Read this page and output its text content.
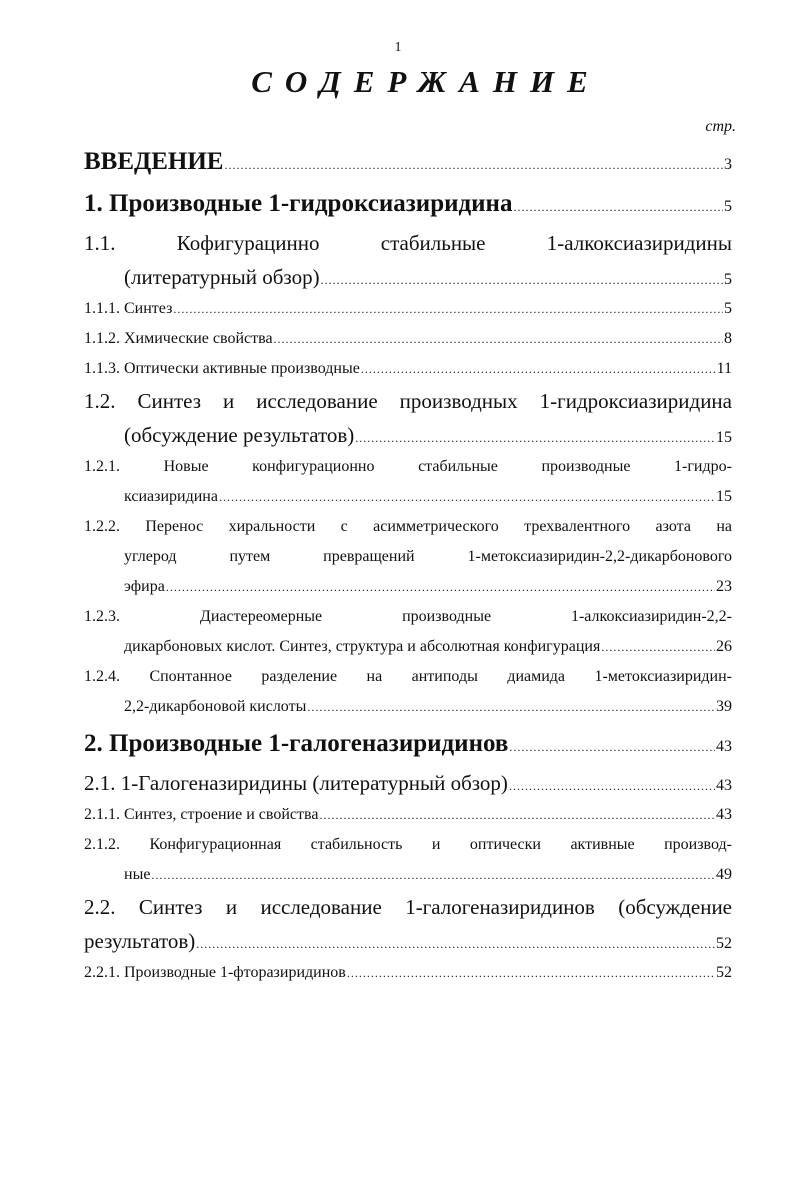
1
СОДЕРЖАНИЕ
стр.
ВВЕДЕНИЕ .....	3
1. Производные 1-гидроксиазиридина .....	5
1.1.	Кофигурацинно	стабильные	1-алкоксиазиридины
(литературный обзор) .....	5
1.1.1. Синтез .....	5
1.1.2. Химические свойства .....	8
1.1.3. Оптически активные производные .....	11
1.2. Синтез и исследование производных 1-гидроксиазиридина
(обсуждение результатов) .....	15
1.2.1.	Новые	конфигурационно	стабильные	производные	1-гидро-
ксиазиридина .....	15
1.2.2. Перенос хиральности с асимметрического трехвалентного азота на
углерод путем превращений 1-метоксиазиридин-2,2-дикарбонового
эфира .....	23
1.2.3.	Диастереомерные	производные	1-алкоксиазиридин-2,2-
дикарбоновых кислот. Синтез, структура и абсолютная конфигурация .....	26
1.2.4. Спонтанное разделение на антиподы диамида 1-метоксиазиридин-
2,2-дикарбоновой кислоты .....	39
2. Производные 1-галогеназиридинов .....	43
2.1. 1-Галогеназиридины (литературный обзор) .....	43
2.1.1. Синтез, строение и свойства .....	43
2.1.2. Конфигурационная стабильность и оптически активные производ-
ные .....	49
2.2. Синтез и исследование 1-галогеназиридинов (обсуждение
результатов) .....	52
2.2.1. Производные 1-фторазиридинов .....	52
